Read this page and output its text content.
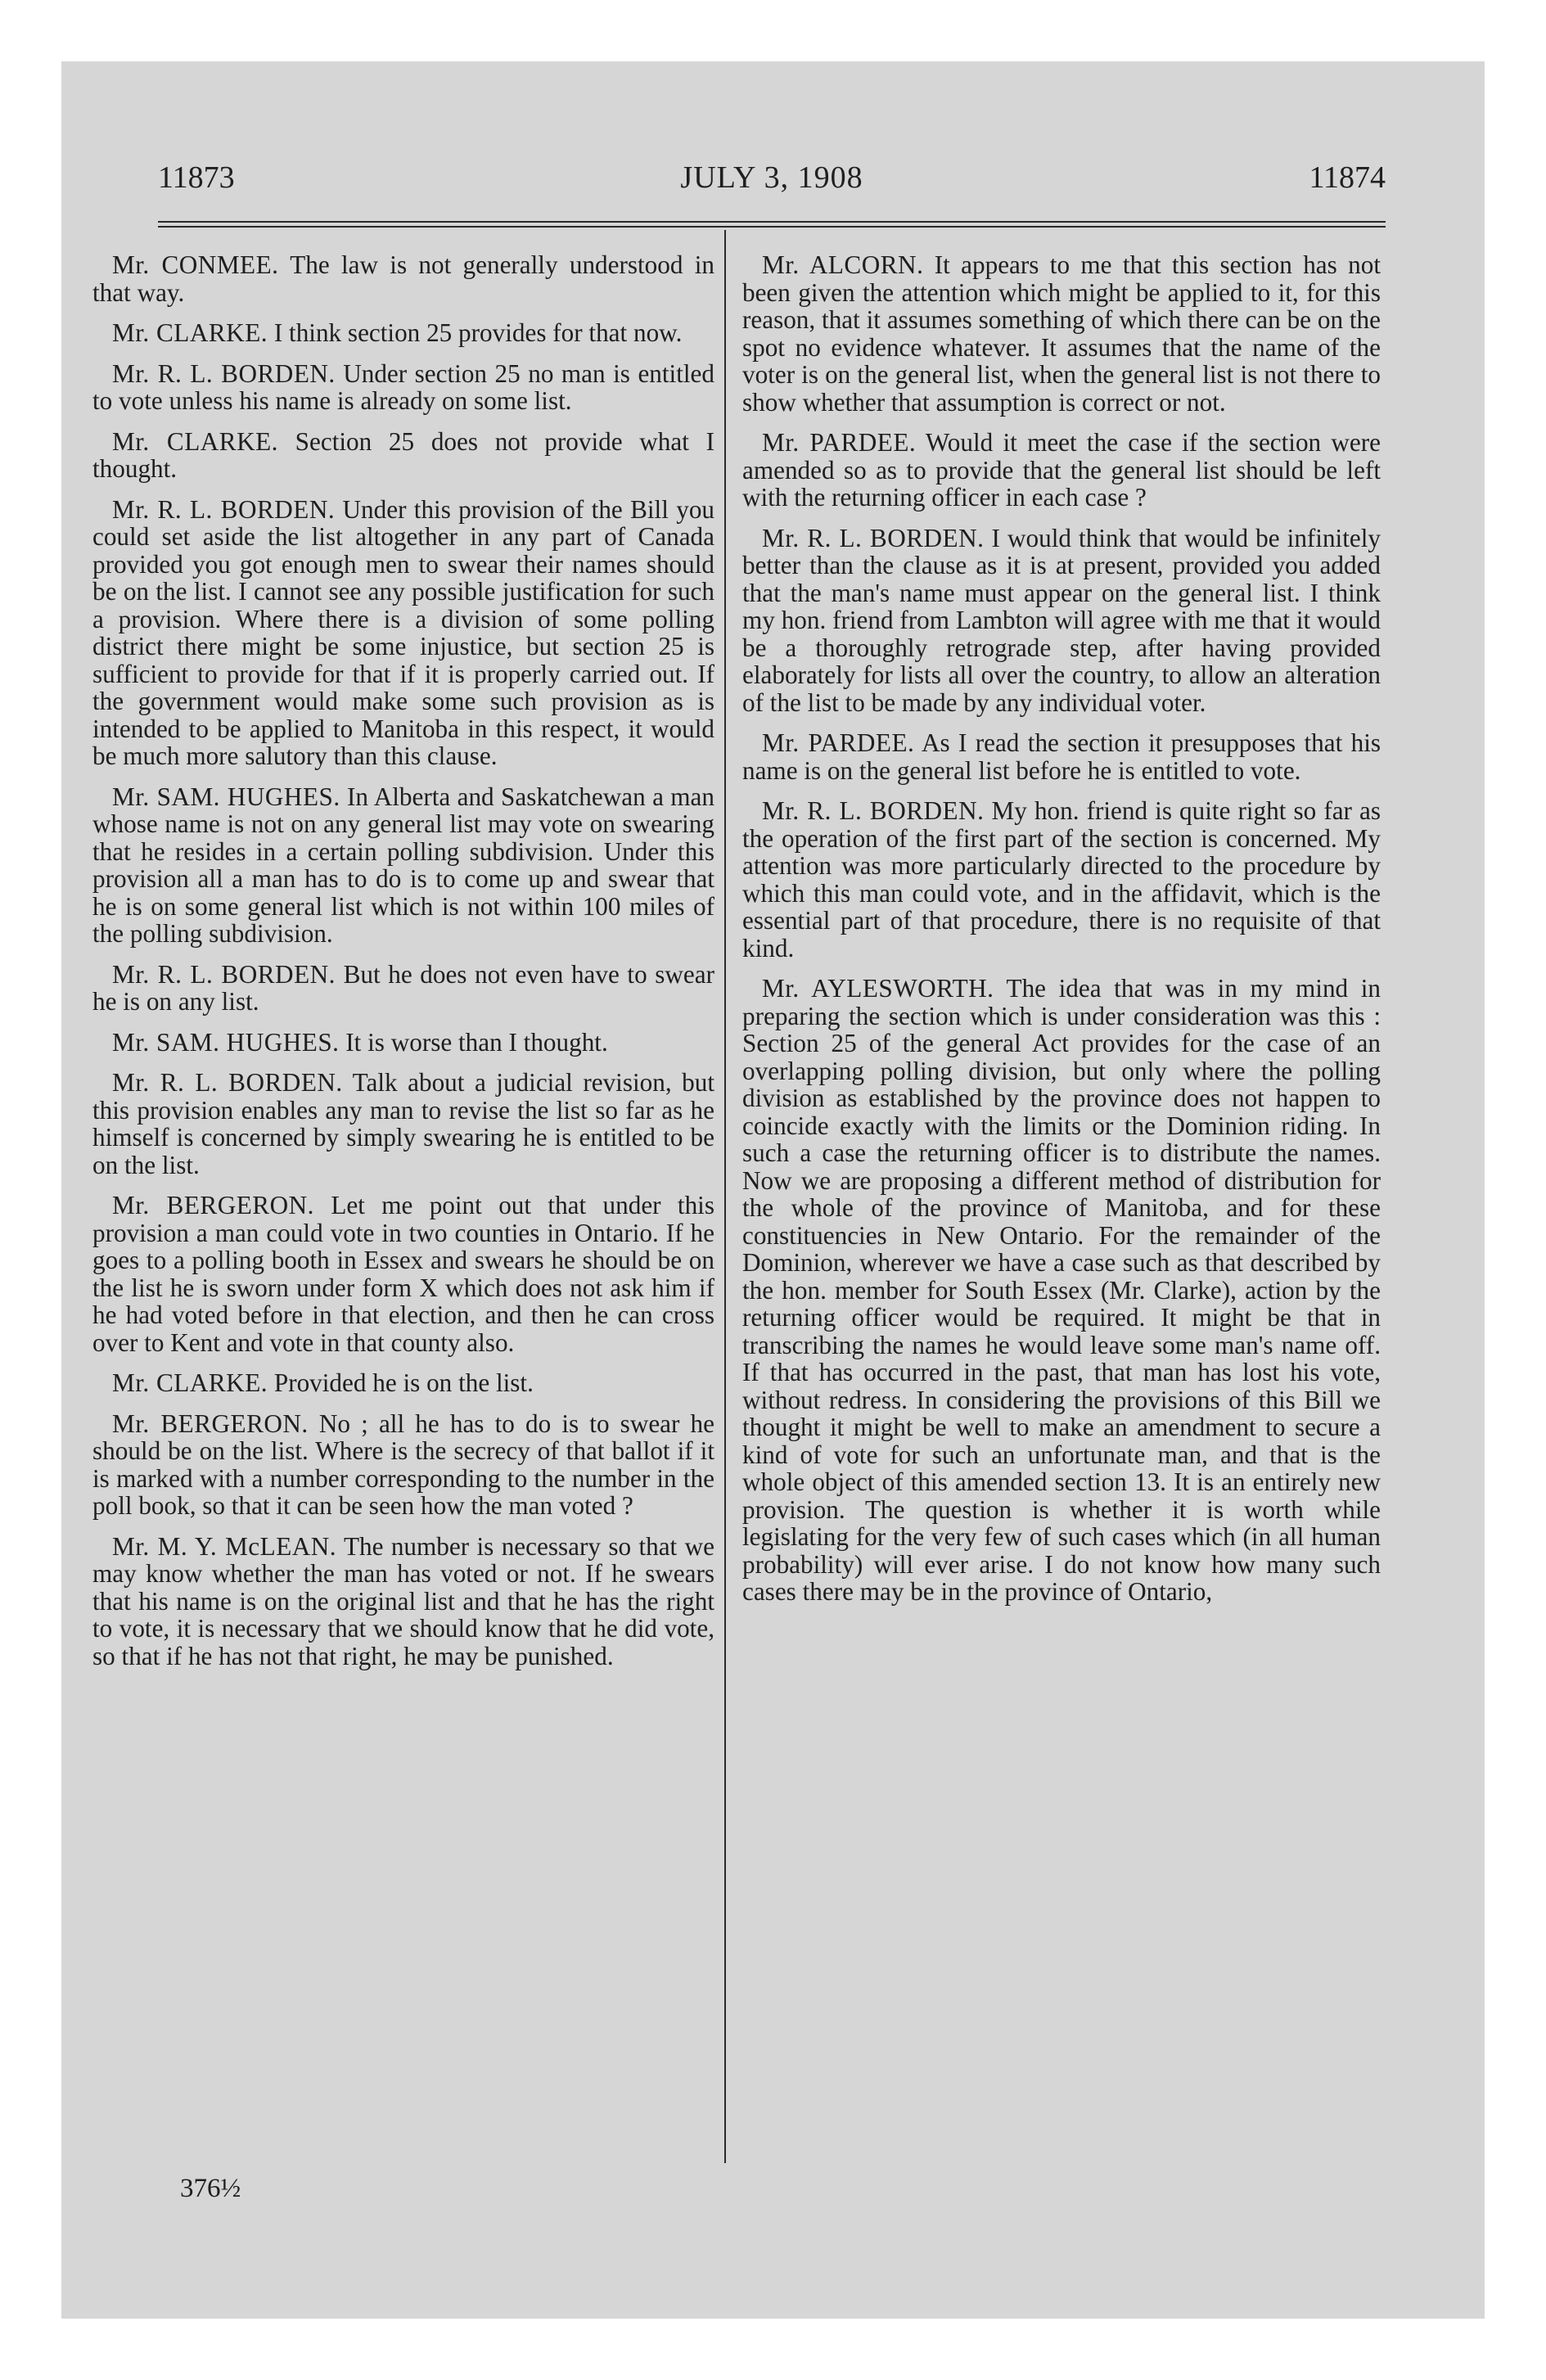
11873	JULY 3, 1908	11874

Mr. CONMEE. The law is not generally understood in that way.

Mr. CLARKE. I think section 25 provides for that now.

Mr. R. L. BORDEN. Under section 25 no man is entitled to vote unless his name is already on some list.

Mr. CLARKE. Section 25 does not provide what I thought.

Mr. R. L. BORDEN. Under this provision of the Bill you could set aside the list altogether in any part of Canada provided you got enough men to swear their names should be on the list. I cannot see any possible justification for such a provision. Where there is a division of some polling district there might be some injustice, but section 25 is sufficient to provide for that if it is properly carried out. If the government would make some such provision as is intended to be applied to Manitoba in this respect, it would be much more salutory than this clause.

Mr. SAM. HUGHES. In Alberta and Saskatchewan a man whose name is not on any general list may vote on swearing that he resides in a certain polling subdivision. Under this provision all a man has to do is to come up and swear that he is on some general list which is not within 100 miles of the polling subdivision.

Mr. R. L. BORDEN. But he does not even have to swear he is on any list.

Mr. SAM. HUGHES. It is worse than I thought.

Mr. R. L. BORDEN. Talk about a judicial revision, but this provision enables any man to revise the list so far as he himself is concerned by simply swearing he is entitled to be on the list.

Mr. BERGERON. Let me point out that under this provision a man could vote in two counties in Ontario. If he goes to a polling booth in Essex and swears he should be on the list he is sworn under form X which does not ask him if he had voted before in that election, and then he can cross over to Kent and vote in that county also.

Mr. CLARKE. Provided he is on the list.

Mr. BERGERON. No ; all he has to do is to swear he should be on the list. Where is the secrecy of that ballot if it is marked with a number corresponding to the number in the poll book, so that it can be seen how the man voted ?

Mr. M. Y. McLEAN. The number is necessary so that we may know whether the man has voted or not. If he swears that his name is on the original list and that he has the right to vote, it is necessary that we should know that he did vote, so that if he has not that right, he may be punished.

Mr. ALCORN. It appears to me that this section has not been given the attention which might be applied to it, for this reason, that it assumes something of which there can be on the spot no evidence whatever. It assumes that the name of the voter is on the general list, when the general list is not there to show whether that assumption is correct or not.

Mr. PARDEE. Would it meet the case if the section were amended so as to provide that the general list should be left with the returning officer in each case ?

Mr. R. L. BORDEN. I would think that would be infinitely better than the clause as it is at present, provided you added that the man's name must appear on the general list. I think my hon. friend from Lambton will agree with me that it would be a thoroughly retrograde step, after having provided elaborately for lists all over the country, to allow an alteration of the list to be made by any individual voter.

Mr. PARDEE. As I read the section it presupposes that his name is on the general list before he is entitled to vote.

Mr. R. L. BORDEN. My hon. friend is quite right so far as the operation of the first part of the section is concerned. My attention was more particularly directed to the procedure by which this man could vote, and in the affidavit, which is the essential part of that procedure, there is no requisite of that kind.

Mr. AYLESWORTH. The idea that was in my mind in preparing the section which is under consideration was this : Section 25 of the general Act provides for the case of an overlapping polling division, but only where the polling division as established by the province does not happen to coincide exactly with the limits or the Dominion riding. In such a case the returning officer is to distribute the names. Now we are proposing a different method of distribution for the whole of the province of Manitoba, and for these constituencies in New Ontario. For the remainder of the Dominion, wherever we have a case such as that described by the hon. member for South Essex (Mr. Clarke), action by the returning officer would be required. It might be that in transcribing the names he would leave some man's name off. If that has occurred in the past, that man has lost his vote, without redress. In considering the provisions of this Bill we thought it might be well to make an amendment to secure a kind of vote for such an unfortunate man, and that is the whole object of this amended section 13. It is an entirely new provision. The question is whether it is worth while legislating for the very few of such cases which (in all human probability) will ever arise. I do not know how many such cases there may be in the province of Ontario,

376½
